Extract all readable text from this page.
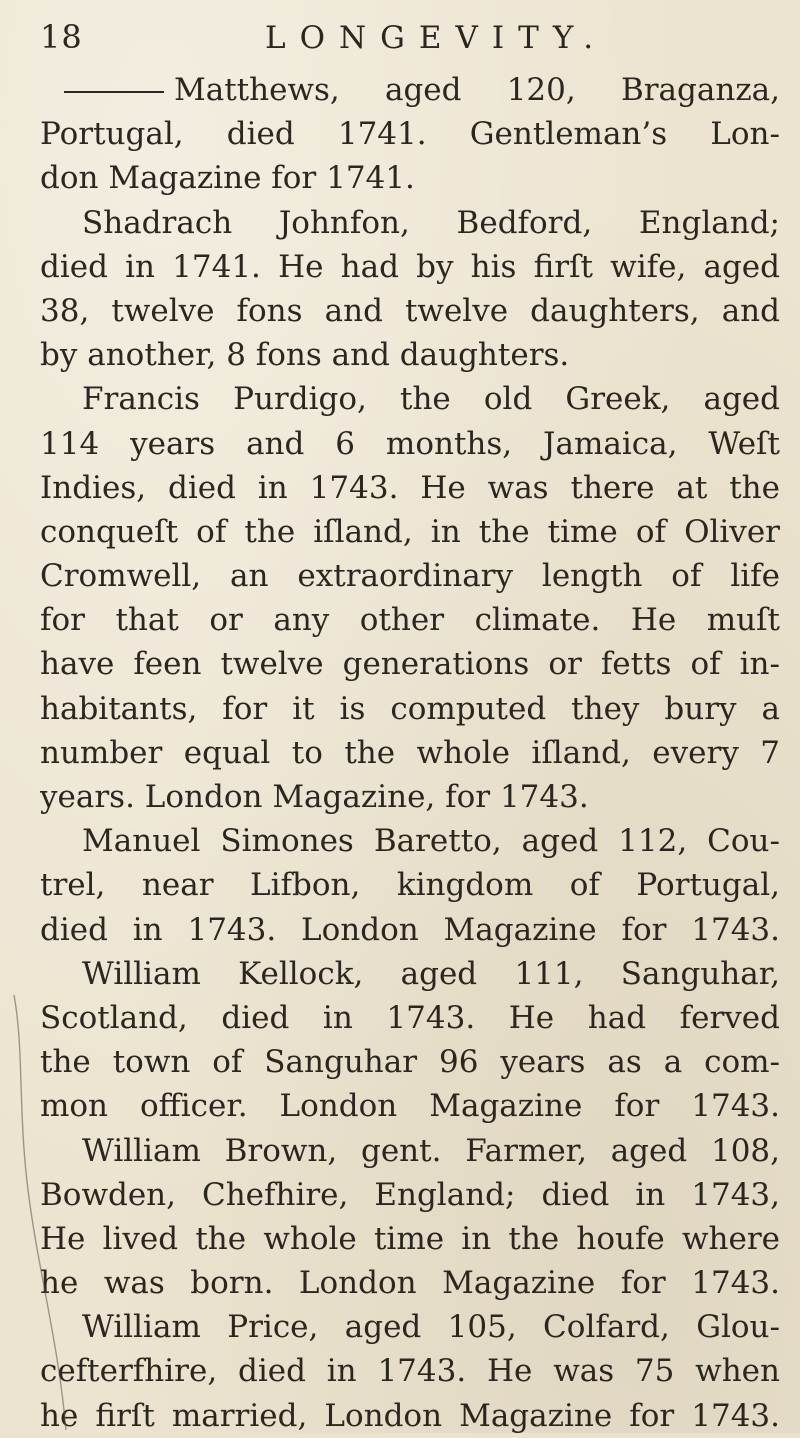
18	LONGEVITY.
Matthews, aged 120, Braganza,
Portugal, died 1741. Gentleman’s Lon-
don Magazine for 1741.
Shadrach Johnfon, Bedford, England;
died in 1741. He had by his firſt wife, aged
38, twelve fons and twelve daughters, and
by another, 8 fons and daughters.
Francis Purdigo, the old Greek, aged
114 years and 6 months, Jamaica, Weſt
Indies, died in 1743. He was there at the
conqueſt of the iſland, in the time of Oliver
Cromwell, an extraordinary length of life
for that or any other climate. He muſt
have feen twelve generations or fetts of in-
habitants, for it is computed they bury a
number equal to the whole iſland, every 7
years. London Magazine, for 1743.
Manuel Simones Baretto, aged 112, Cou-
trel, near Lifbon, kingdom of Portugal,
died in 1743. London Magazine for 1743.
William Kellock, aged 111, Sanguhar,
Scotland, died in 1743. He had ferved
the town of Sanguhar 96 years as a com-
mon officer. London Magazine for 1743.
William Brown, gent. Farmer, aged 108,
Bowden, Chefhire, England; died in 1743,
He lived the whole time in the houfe where
he was born. London Magazine for 1743.
William Price, aged 105, Colfard, Glou-
cefterfhire, died in 1743. He was 75 when
he firſt married, London Magazine for 1743.
